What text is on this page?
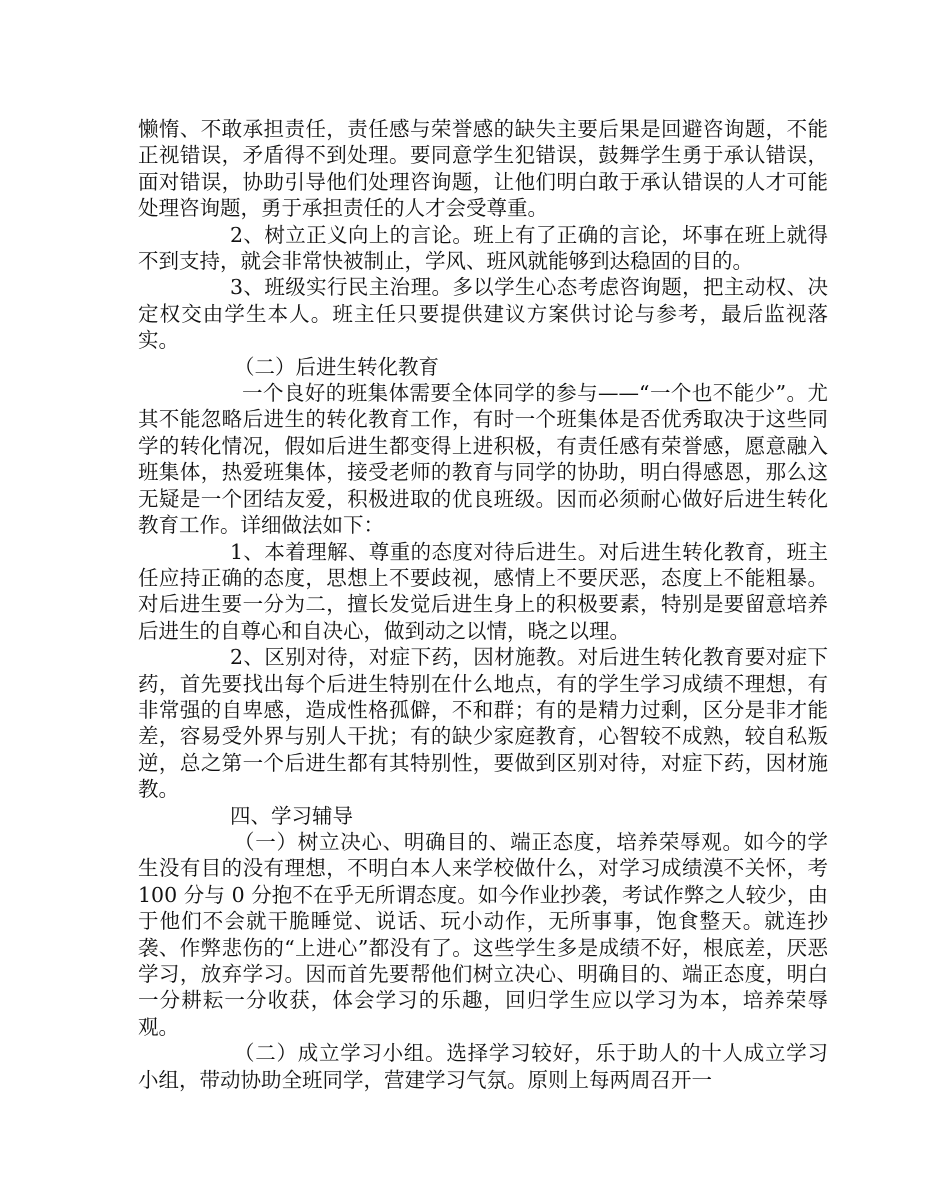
懒惰、不敢承担责任，责任感与荣誉感的缺失主要后果是回避咨询题，不能正视错误，矛盾得不到处理。要同意学生犯错误，鼓舞学生勇于承认错误，面对错误，协助引导他们处理咨询题，让他们明白敢于承认错误的人才可能处理咨询题，勇于承担责任的人才会受尊重。

2、树立正义向上的言论。班上有了正确的言论，坏事在班上就得不到支持，就会非常快被制止，学风、班风就能够到达稳固的目的。

3、班级实行民主治理。多以学生心态考虑咨询题，把主动权、决定权交由学生本人。班主任只要提供建议方案供讨论与参考，最后监视落实。

（二）后进生转化教育

一个良好的班集体需要全体同学的参与——“一个也不能少”。尤其不能忽略后进生的转化教育工作，有时一个班集体是否优秀取决于这些同学的转化情况，假如后进生都变得上进积极，有责任感有荣誉感，愿意融入班集体，热爱班集体，接受老师的教育与同学的协助，明白得感恩，那么这无疑是一个团结友爱，积极进取的优良班级。因而必须耐心做好后进生转化教育工作。详细做法如下：

1、本着理解、尊重的态度对待后进生。对后进生转化教育，班主任应持正确的态度，思想上不要歧视，感情上不要厌恶，态度上不能粗暴。对后进生要一分为二，擅长发觉后进生身上的积极要素，特别是要留意培养后进生的自尊心和自决心，做到动之以情，晓之以理。

2、区别对待，对症下药，因材施教。对后进生转化教育要对症下药，首先要找出每个后进生特别在什么地点，有的学生学习成绩不理想，有非常强的自卑感，造成性格孤僻，不和群；有的是精力过剩，区分是非才能差，容易受外界与别人干扰；有的缺少家庭教育，心智较不成熟，较自私叛逆，总之第一个后进生都有其特别性，要做到区别对待，对症下药，因材施教。

四、学习辅导

（一）树立决心、明确目的、端正态度，培养荣辱观。如今的学生没有目的没有理想，不明白本人来学校做什么，对学习成绩漠不关怀，考 100 分与 0 分抱不在乎无所谓态度。如今作业抄袭，考试作弊之人较少，由于他们不会就干脆睡觉、说话、玩小动作，无所事事，饱食整天。就连抄袭、作弊悲伤的“上进心”都没有了。这些学生多是成绩不好，根底差，厌恶学习，放弃学习。因而首先要帮他们树立决心、明确目的、端正态度，明白一分耕耘一分收获，体会学习的乐趣，回归学生应以学习为本，培养荣辱观。

（二）成立学习小组。选择学习较好，乐于助人的十人成立学习小组，带动协助全班同学，营建学习气氛。原则上每两周召开一
